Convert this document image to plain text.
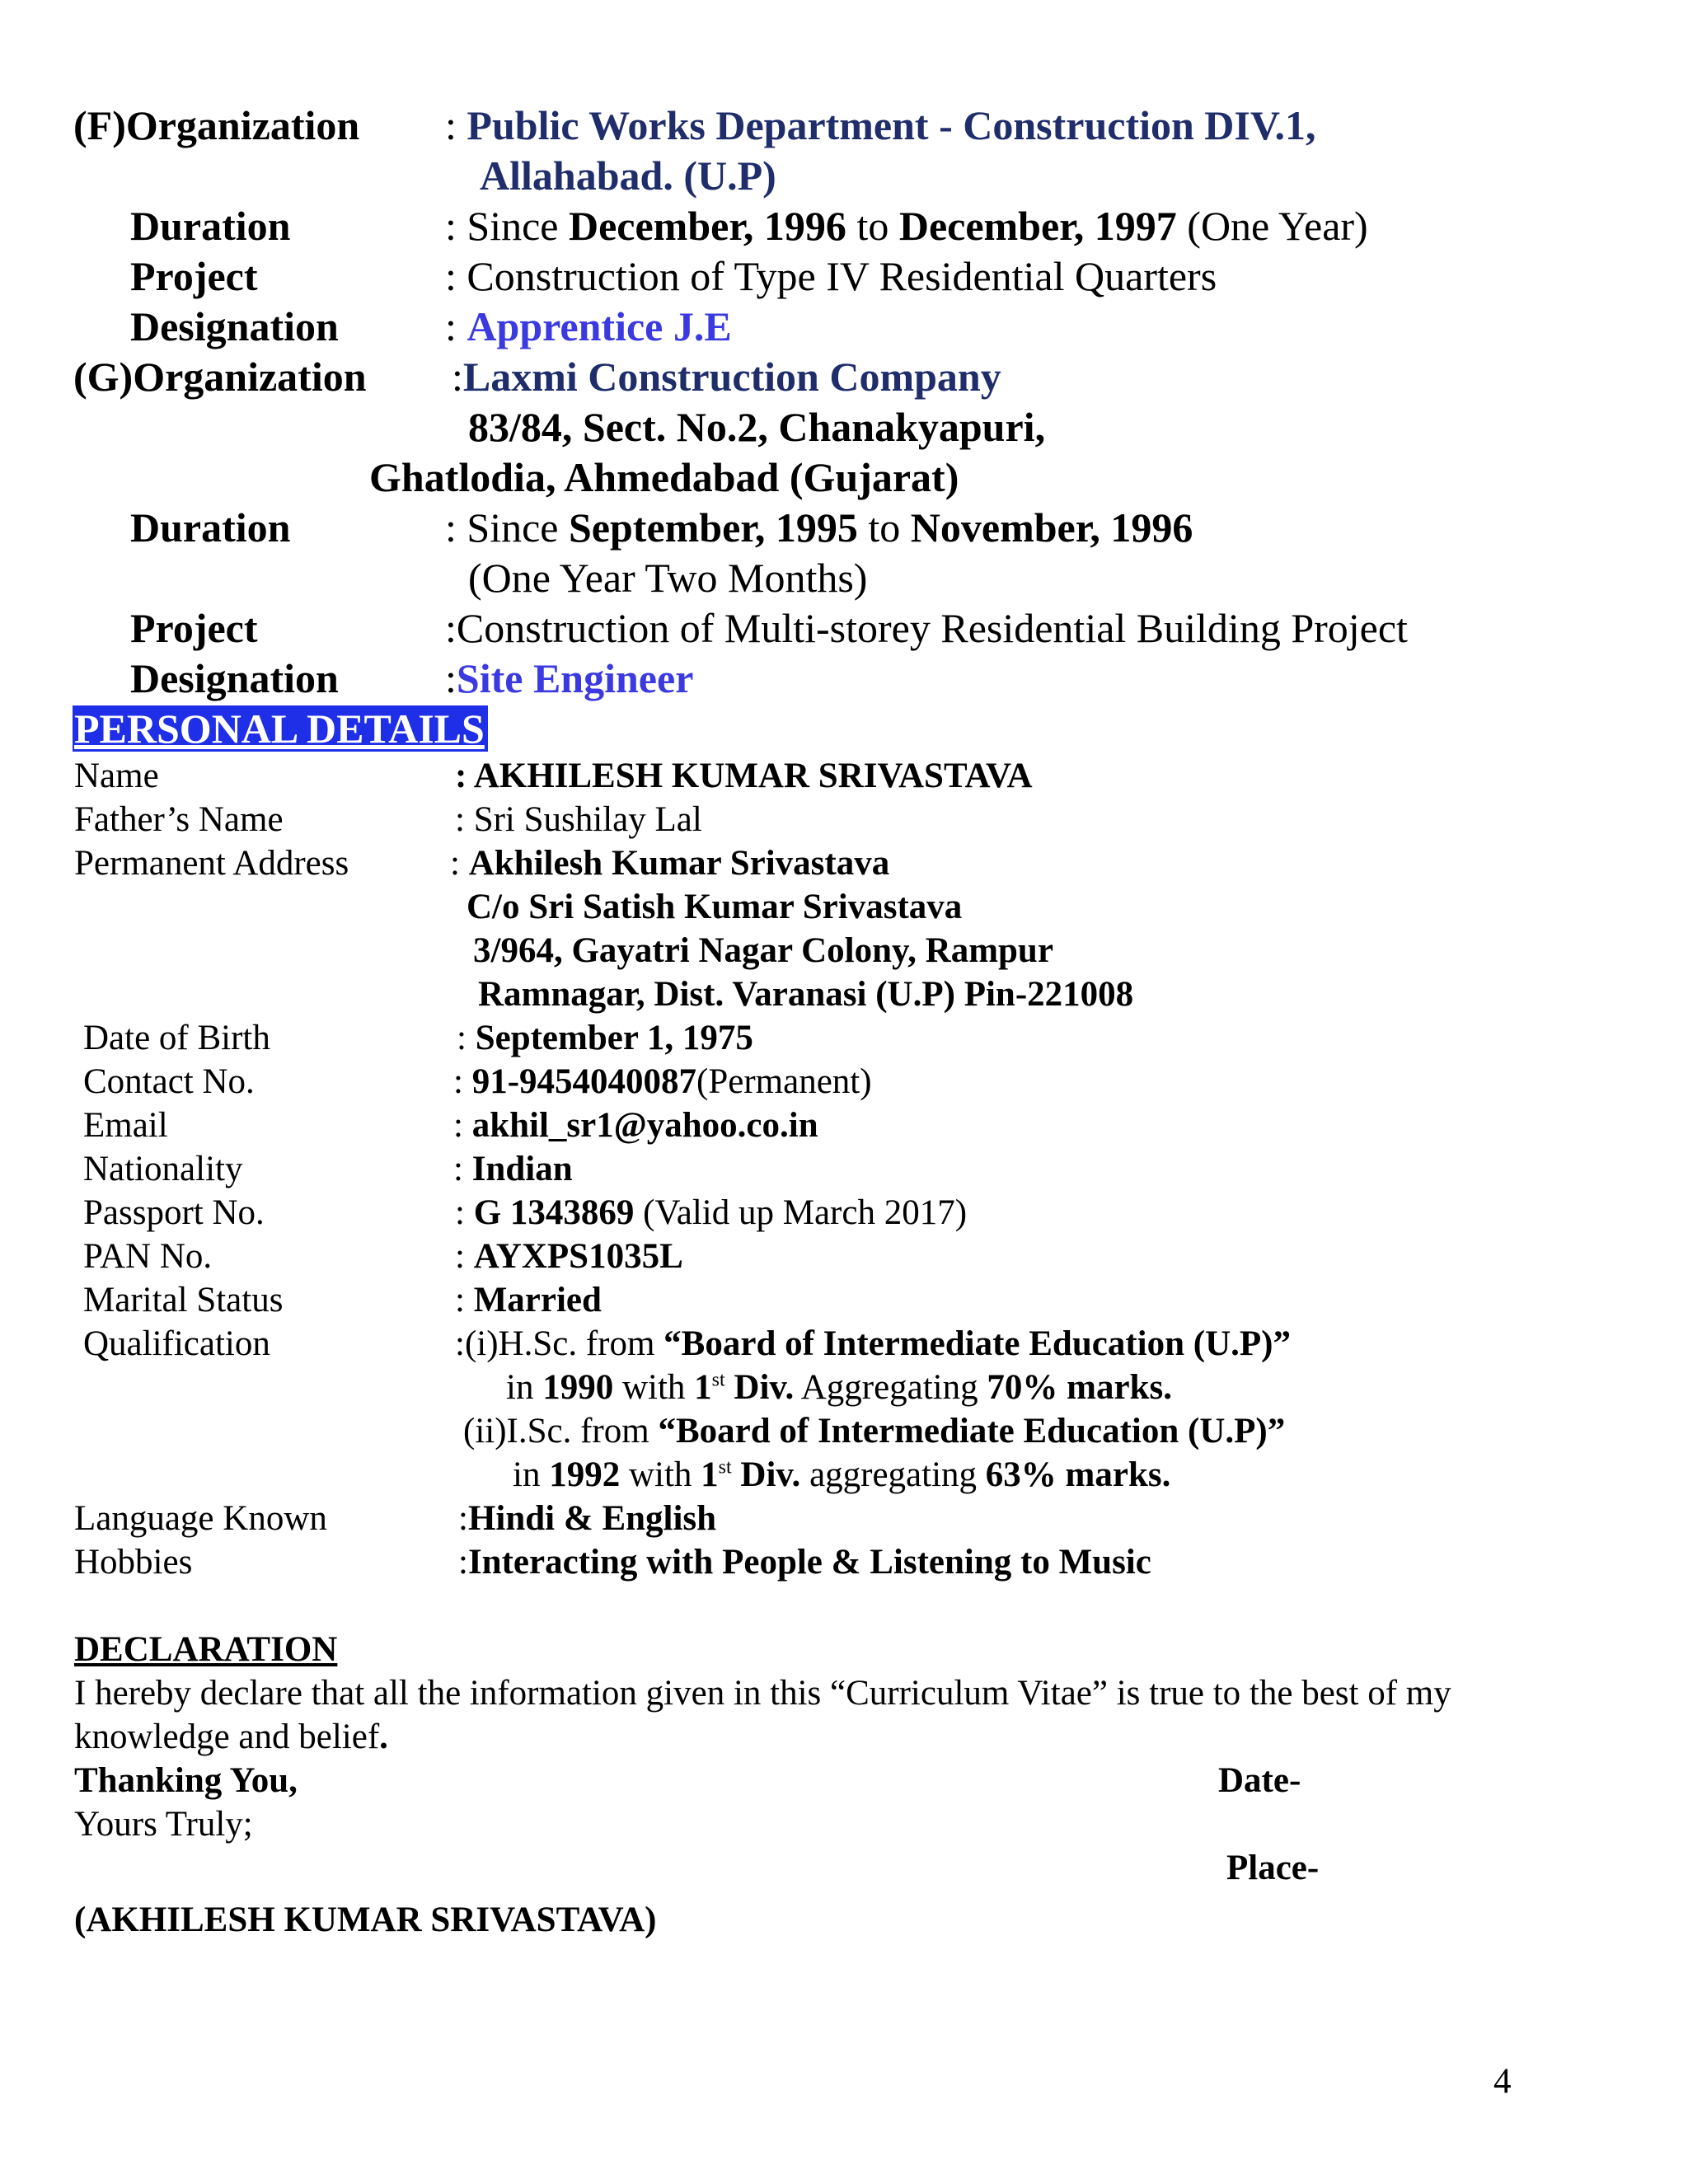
(F)Organization : Public Works Department - Construction DIV.1,
Allahabad. (U.P)
Duration	: Since December, 1996 to December, 1997 (One Year)
Project	: Construction of Type IV Residential Quarters
Designation	: Apprentice J.E
(G)Organization :Laxmi Construction Company
83/84, Sect. No.2, Chanakyapuri,
Ghatlodia, Ahmedabad (Gujarat)
Duration	: Since September, 1995 to November, 1996
(One Year Two Months)
Project	:Construction of Multi-storey Residential Building Project
Designation	:Site Engineer
PERSONAL DETAILS
Name	: AKHILESH KUMAR SRIVASTAVA
Father’s Name	: Sri Sushilay Lal
Permanent Address	: Akhilesh Kumar Srivastava
C/o Sri Satish Kumar Srivastava
3/964, Gayatri Nagar Colony, Rampur
Ramnagar, Dist. Varanasi (U.P) Pin-221008
Date of Birth	: September 1, 1975
Contact No.	: 91-9454040087(Permanent)
Email	: akhil_sr1@yahoo.co.in
Nationality	: Indian
Passport No.	: G 1343869 (Valid up March 2017)
PAN No.	: AYXPS1035L
Marital Status	: Married
Qualification	:(i)H.Sc. from “Board of Intermediate Education (U.P)”
in 1990 with 1st Div. Aggregating 70% marks.
(ii)I.Sc. from “Board of Intermediate Education (U.P)”
in 1992 with 1st Div. aggregating 63% marks.
Language Known	:Hindi & English
Hobbies	:Interacting with People & Listening to Music
DECLARATION
I hereby declare that all the information given in this “Curriculum Vitae” is true to the best of my
knowledge and belief.
Thanking You,	Date-
Yours Truly;
Place-
(AKHILESH KUMAR SRIVASTAVA)
4
